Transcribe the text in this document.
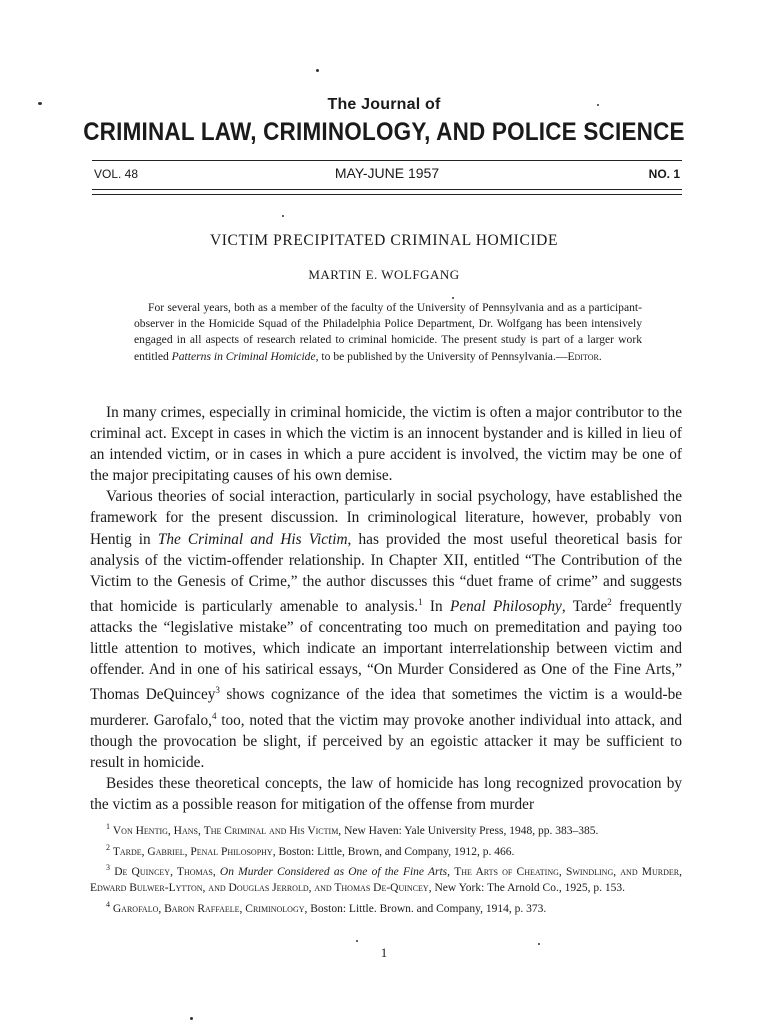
The Journal of
CRIMINAL LAW, CRIMINOLOGY, AND POLICE SCIENCE
VOL. 48	MAY-JUNE 1957	NO. 1
VICTIM PRECIPITATED CRIMINAL HOMICIDE
MARTIN E. WOLFGANG
For several years, both as a member of the faculty of the University of Pennsylvania and as a participant-observer in the Homicide Squad of the Philadelphia Police Department, Dr. Wolfgang has been intensively engaged in all aspects of research related to criminal homicide. The present study is part of a larger work entitled Patterns in Criminal Homicide, to be published by the University of Pennsylvania.—Editor.

In many crimes, especially in criminal homicide, the victim is often a major contributor to the criminal act. Except in cases in which the victim is an innocent bystander and is killed in lieu of an intended victim, or in cases in which a pure accident is involved, the victim may be one of the major precipitating causes of his own demise.

Various theories of social interaction, particularly in social psychology, have established the framework for the present discussion. In criminological literature, however, probably von Hentig in The Criminal and His Victim, has provided the most useful theoretical basis for analysis of the victim-offender relationship. In Chapter XII, entitled “The Contribution of the Victim to the Genesis of Crime,” the author discusses this “duet frame of crime” and suggests that homicide is particularly amenable to analysis.$^1$ In Penal Philosophy, Tarde$^2$ frequently attacks the “legislative mistake” of concentrating too much on premeditation and paying too little attention to motives, which indicate an important interrelationship between victim and offender. And in one of his satirical essays, “On Murder Considered as One of the Fine Arts,” Thomas DeQuincey$^3$ shows cognizance of the idea that sometimes the victim is a would-be murderer. Garofalo,$^4$ too, noted that the victim may provoke another individual into attack, and though the provocation be slight, if perceived by an egoistic attacker it may be sufficient to result in homicide.

Besides these theoretical concepts, the law of homicide has long recognized provocation by the victim as a possible reason for mitigation of the offense from murder

$^1$ Von Hentig, Hans, The Criminal and His Victim, New Haven: Yale University Press, 1948, pp. 383–385.

$^2$ Tarde, Gabriel, Penal Philosophy, Boston: Little, Brown, and Company, 1912, p. 466.

$^3$ De Quincey, Thomas, On Murder Considered as One of the Fine Arts, The Arts of Cheating, Swindling, and Murder, Edward Bulwer-Lytton, and Douglas Jerrold, and Thomas De-Quincey, New York: The Arnold Co., 1925, p. 153.

$^4$ Garofalo, Baron Raffaele, Criminology, Boston: Little. Brown. and Company, 1914, p. 373.

1
